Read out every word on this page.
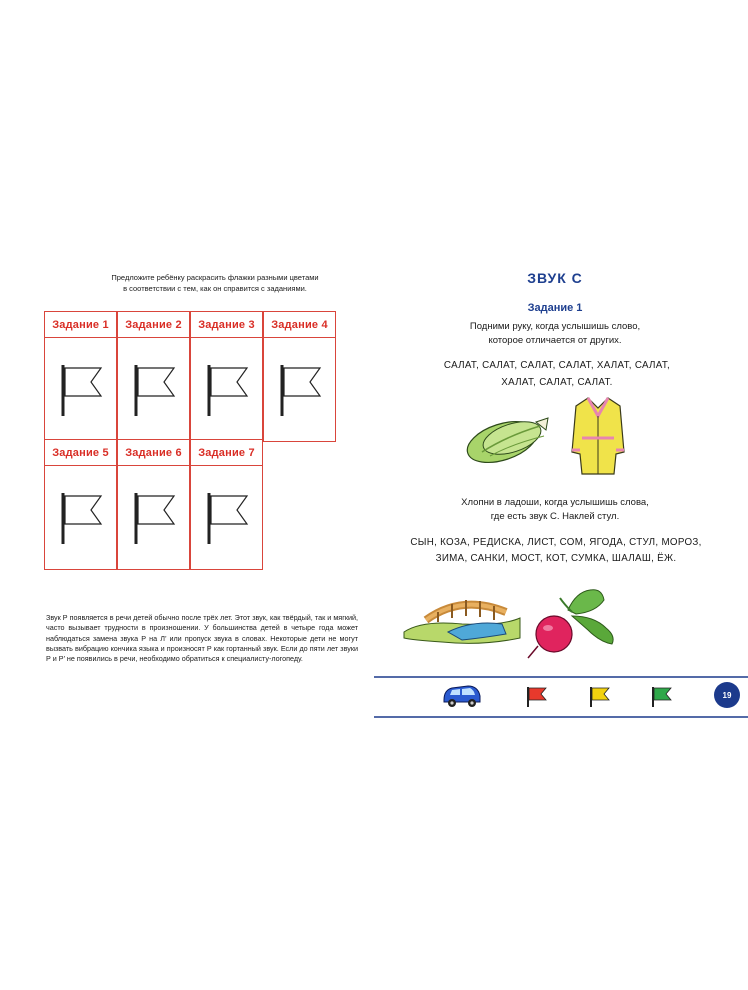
Предложите ребёнку раскрасить флажки разными цветами
в соответствии с тем, как он справится с заданиями.
Задание 1	Задание 2	Задание 3	Задание 4
Задание 5	Задание 6	Задание 7
Звук Р появляется в речи детей обычно после трёх лет. Этот звук, как твёрдый, так и мягкий, часто вызывает трудности в произношении. У большинства детей в четыре года может наблюдаться замена звука Р на Л’ или пропуск звука в словах. Некоторые дети не могут вызвать вибрацию кончика языка и произносят Р как гортанный звук. Если до пяти лет звуки Р и Р’ не появились в речи, необходимо обратиться к специалисту-логопеду.
ЗВУК С
Задание 1
Подними руку, когда услышишь слово,
которое отличается от других.
САЛАТ, САЛАТ, САЛАТ, САЛАТ, ХАЛАТ, САЛАТ,
ХАЛАТ, САЛАТ, САЛАТ.
Хлопни в ладоши, когда услышишь слова,
где есть звук С. Наклей стул.
СЫН, КОЗА, РЕДИСКА, ЛИСТ, СОМ, ЯГОДА, СТУЛ, МОРОЗ,
ЗИМА, САНКИ, МОСТ, КОТ, СУМКА, ШАЛАШ, ЁЖ.
19
